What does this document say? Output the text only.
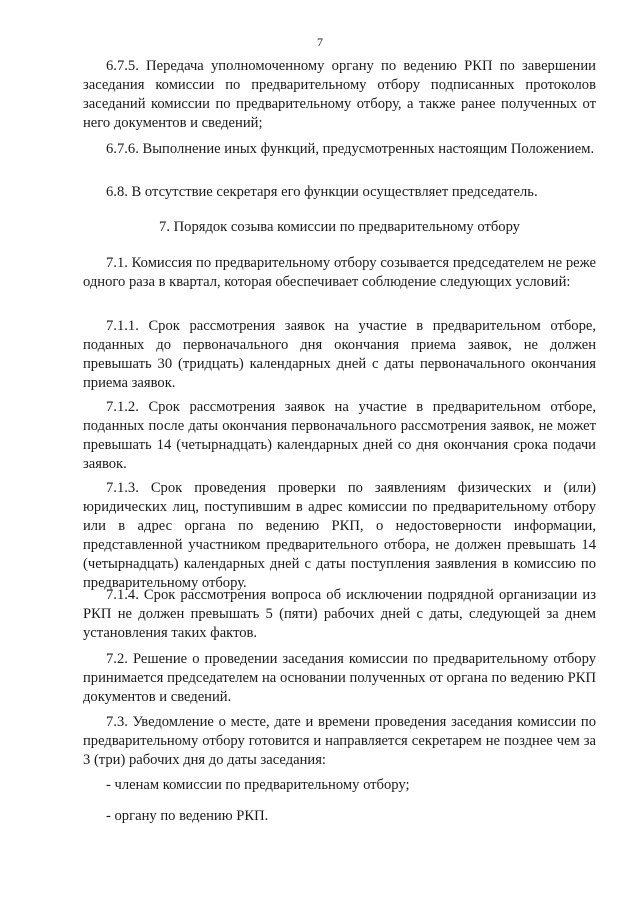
7

6.7.5. Передача уполномоченному органу по ведению РКП по завершении заседания комиссии по предварительному отбору подписанных протоколов заседаний комиссии по предварительному отбору, а также ранее полученных от него документов и сведений;

6.7.6. Выполнение иных функций, предусмотренных настоящим Положением.

6.8. В отсутствие секретаря его функции осуществляет председатель.

7. Порядок созыва комиссии по предварительному отбору

7.1. Комиссия по предварительному отбору созывается председателем не реже одного раза в квартал, которая обеспечивает соблюдение следующих условий:

7.1.1. Срок рассмотрения заявок на участие в предварительном отборе, поданных до первоначального дня окончания приема заявок, не должен превышать 30 (тридцать) календарных дней с даты первоначального окончания приема заявок.

7.1.2. Срок рассмотрения заявок на участие в предварительном отборе, поданных после даты окончания первоначального рассмотрения заявок, не может превышать 14 (четырнадцать) календарных дней со дня окончания срока подачи заявок.

7.1.3. Срок проведения проверки по заявлениям физических и (или) юридических лиц, поступившим в адрес комиссии по предварительному отбору или в адрес органа по ведению РКП, о недостоверности информации, представленной участником предварительного отбора, не должен превышать 14 (четырнадцать) календарных дней с даты поступления заявления в комиссию по предварительному отбору.

7.1.4. Срок рассмотрения вопроса об исключении подрядной организации из РКП не должен превышать 5 (пяти) рабочих дней с даты, следующей за днем установления таких фактов.

7.2. Решение о проведении заседания комиссии по предварительному отбору принимается председателем на основании полученных от органа по ведению РКП документов и сведений.

7.3. Уведомление о месте, дате и времени проведения заседания комиссии по предварительному отбору готовится и направляется секретарем не позднее чем за 3 (три) рабочих дня до даты заседания:

- членам комиссии по предварительному отбору;

- органу по ведению РКП.
